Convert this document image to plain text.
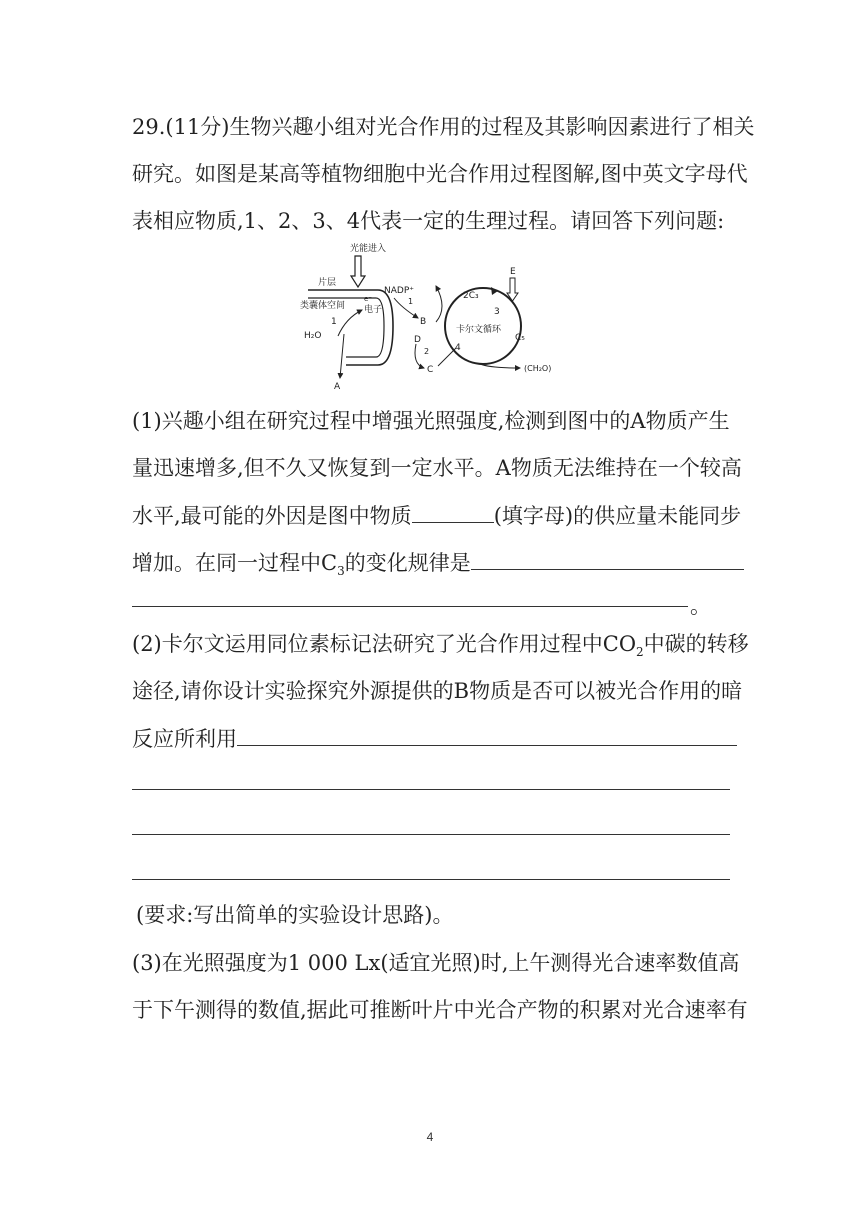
29.(11分)生物兴趣小组对光合作用的过程及其影响因素进行了相关
研究。如图是某高等植物细胞中光合作用过程图解,图中英文字母代
表相应物质,1、2、3、4代表一定的生理过程。请回答下列问题:
光能进入
片层
类囊体空间 电子
e⁻
H₂O
1
A
NADP⁺
1
B
D
2
C
2C₃
3
卡尔文循环
4
C₅
E
(CH₂O)
(1)兴趣小组在研究过程中增强光照强度,检测到图中的A物质产生
量迅速增多,但不久又恢复到一定水平。A物质无法维持在一个较高
水平,最可能的外因是图中物质	(填字母)的供应量未能同步
增加。在同一过程中$C_3$的变化规律是
。
(2)卡尔文运用同位素标记法研究了光合作用过程中$CO_2$中碳的转移
途径,请你设计实验探究外源提供的B物质是否可以被光合作用的暗
反应所利用
(要求:写出简单的实验设计思路)。
(3)在光照强度为1 000 Lx(适宜光照)时,上午测得光合速率数值高
于下午测得的数值,据此可推断叶片中光合产物的积累对光合速率有
4
